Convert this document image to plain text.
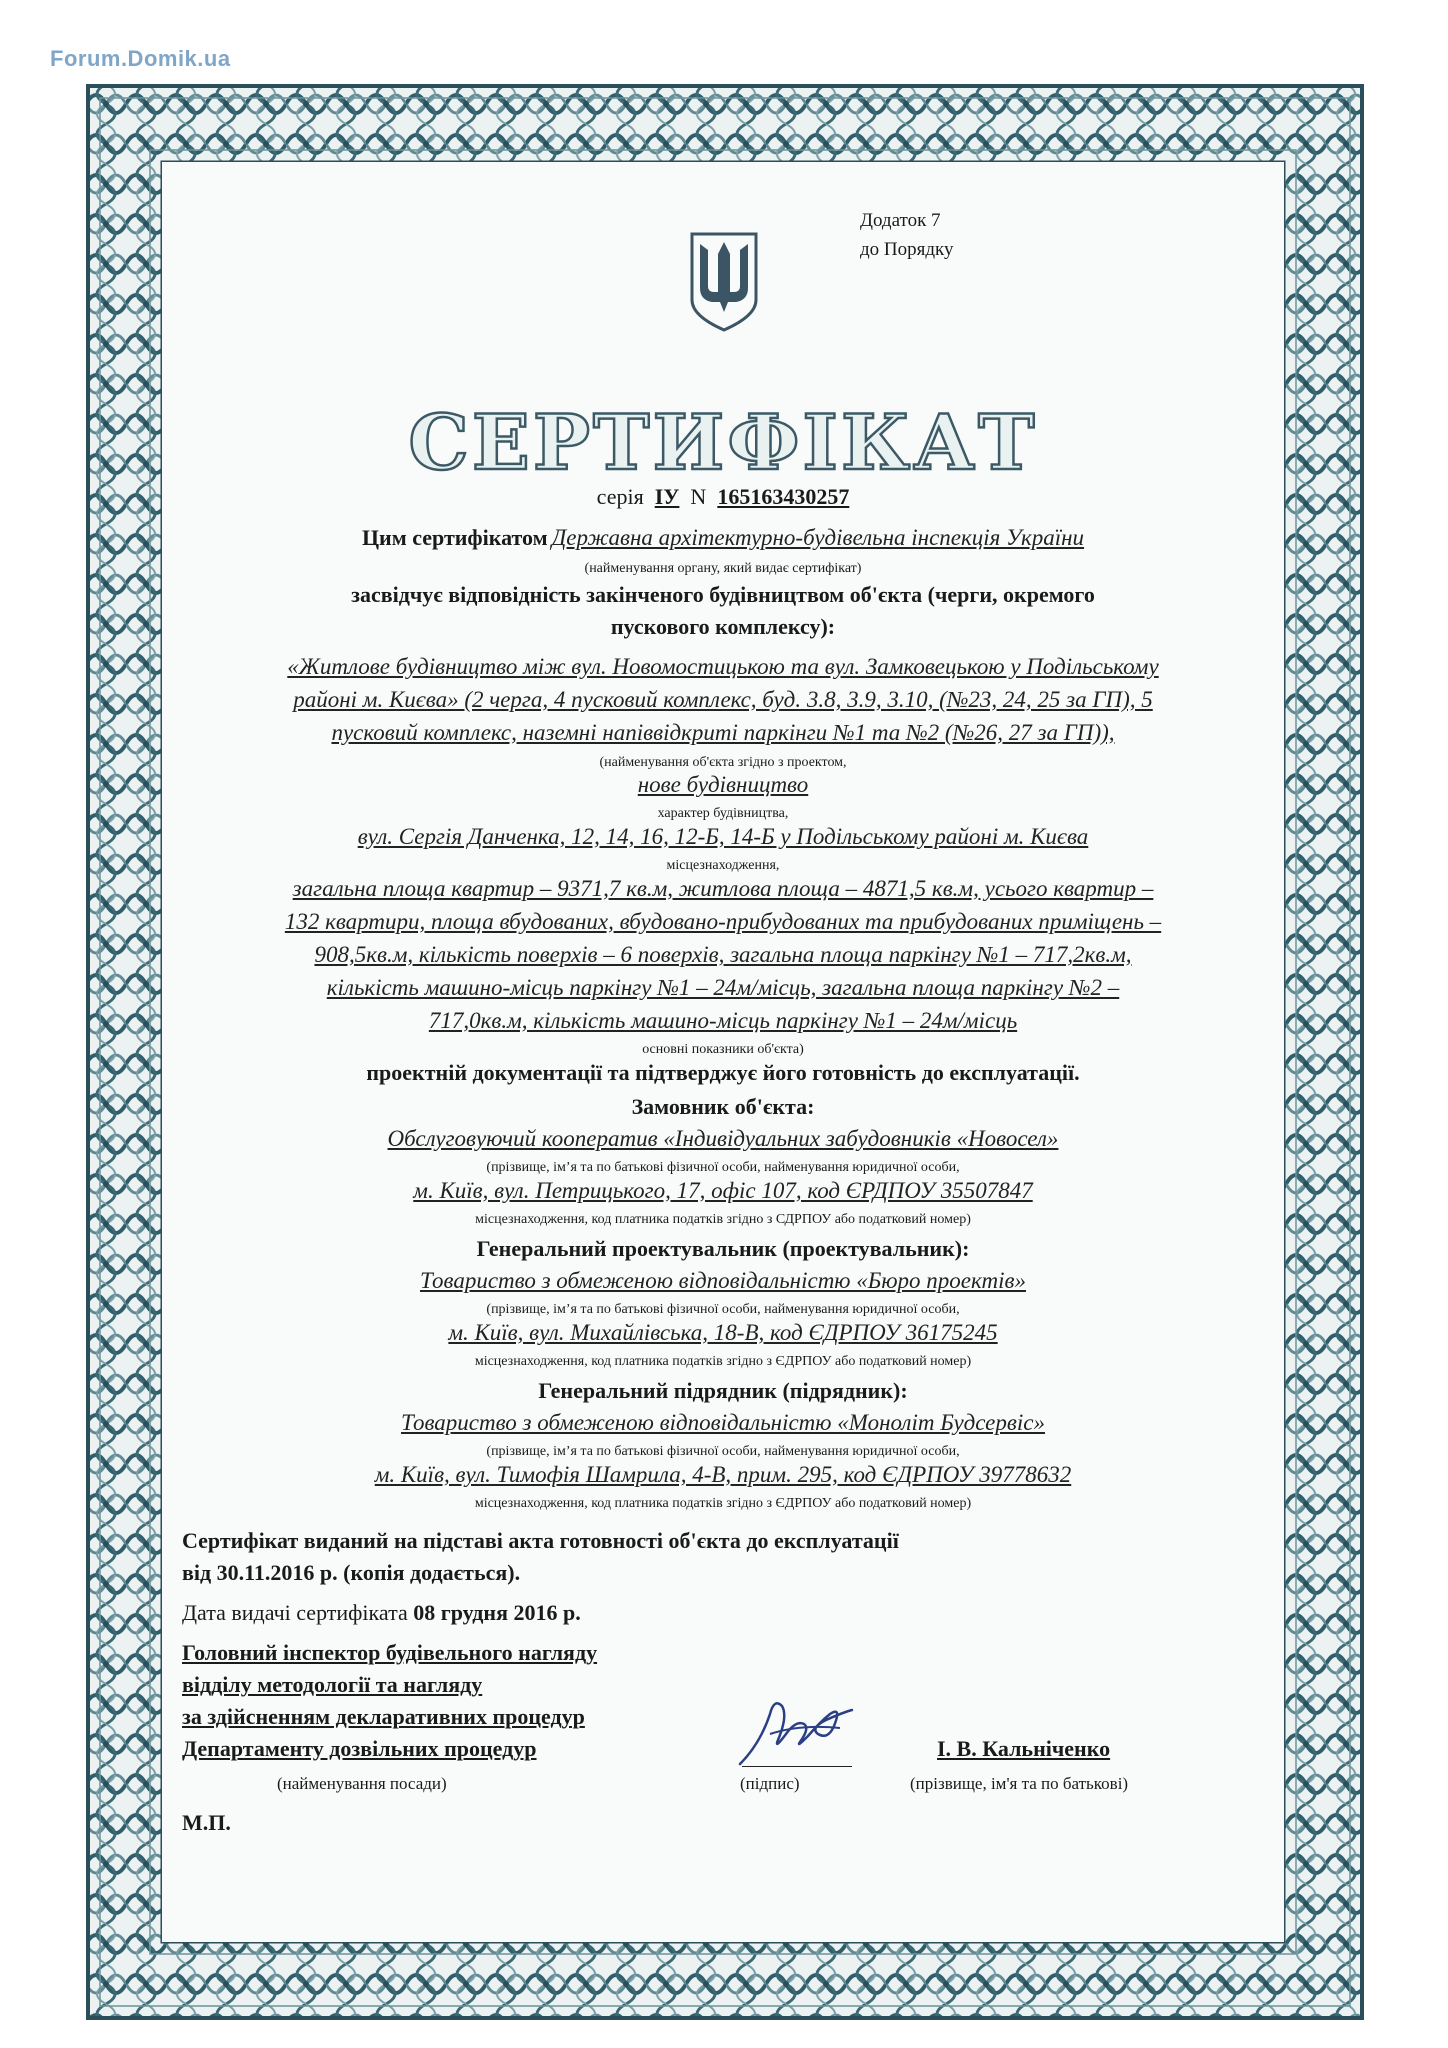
Forum.Domik.ua
Додаток 7
до Порядку
СЕРТИФІКАТ
серія ІУ N 165163430257
Цим сертифікатом Державна архітектурно-будівельна інспекція України
(найменування органу, який видає сертифікат)
засвідчує відповідність закінченого будівництвом об'єкта (черги, окремого
пускового комплексу):
«Житлове будівництво між вул. Новомостицькою та вул. Замковецькою у Подільському
районі м. Києва» (2 черга, 4 пусковий комплекс, буд. 3.8, 3.9, 3.10, (№23, 24, 25 за ГП), 5
пусковий комплекс, наземні напіввідкриті паркінги №1 та №2 (№26, 27 за ГП)),
(найменування об'єкта згідно з проектом,
нове будівництво
характер будівництва,
вул. Сергія Данченка, 12, 14, 16, 12-Б, 14-Б у Подільському районі м. Києва
місцезнаходження,
загальна площа квартир – 9371,7 кв.м, житлова площа – 4871,5 кв.м, усього квартир –
132 квартири, площа вбудованих, вбудовано-прибудованих та прибудованих приміщень –
908,5кв.м, кількість поверхів – 6 поверхів, загальна площа паркінгу №1 – 717,2кв.м,
кількість машино-місць паркінгу №1 – 24м/місць, загальна площа паркінгу №2 –
717,0кв.м, кількість машино-місць паркінгу №1 – 24м/місць
основні показники об'єкта)
проектній документації та підтверджує його готовність до експлуатації.
Замовник об'єкта:
Обслуговуючий кооператив «Індивідуальних забудовників «Новосел»
(прізвище, ім’я та по батькові фізичної особи, найменування юридичної особи,
м. Київ, вул. Петрицького, 17, офіс 107, код ЄРДПОУ 35507847
місцезнаходження, код платника податків згідно з СДРПОУ або податковий номер)
Генеральний проектувальник (проектувальник):
Товариство з обмеженою відповідальністю «Бюро проектів»
(прізвище, ім’я та по батькові фізичної особи, найменування юридичної особи,
м. Київ, вул. Михайлівська, 18-В, код ЄДРПОУ 36175245
місцезнаходження, код платника податків згідно з ЄДРПОУ або податковий номер)
Генеральний підрядник (підрядник):
Товариство з обмеженою відповідальністю «Моноліт Будсервіс»
(прізвище, ім’я та по батькові фізичної особи, найменування юридичної особи,
м. Київ, вул. Тимофія Шамрила, 4-В, прим. 295, код ЄДРПОУ 39778632
місцезнаходження, код платника податків згідно з ЄДРПОУ або податковий номер)
Сертифікат виданий на підставі акта готовності об'єкта до експлуатації
від 30.11.2016 р. (копія додається).
Дата видачі сертифіката 08 грудня 2016 р.
Головний інспектор будівельного нагляду
відділу методології та нагляду
за здійсненням декларативних процедур
Департаменту дозвільних процедур
(найменування посади)	(підпис)
І. В. Кальніченко
(прізвище, ім'я та по батькові)
М.П.
